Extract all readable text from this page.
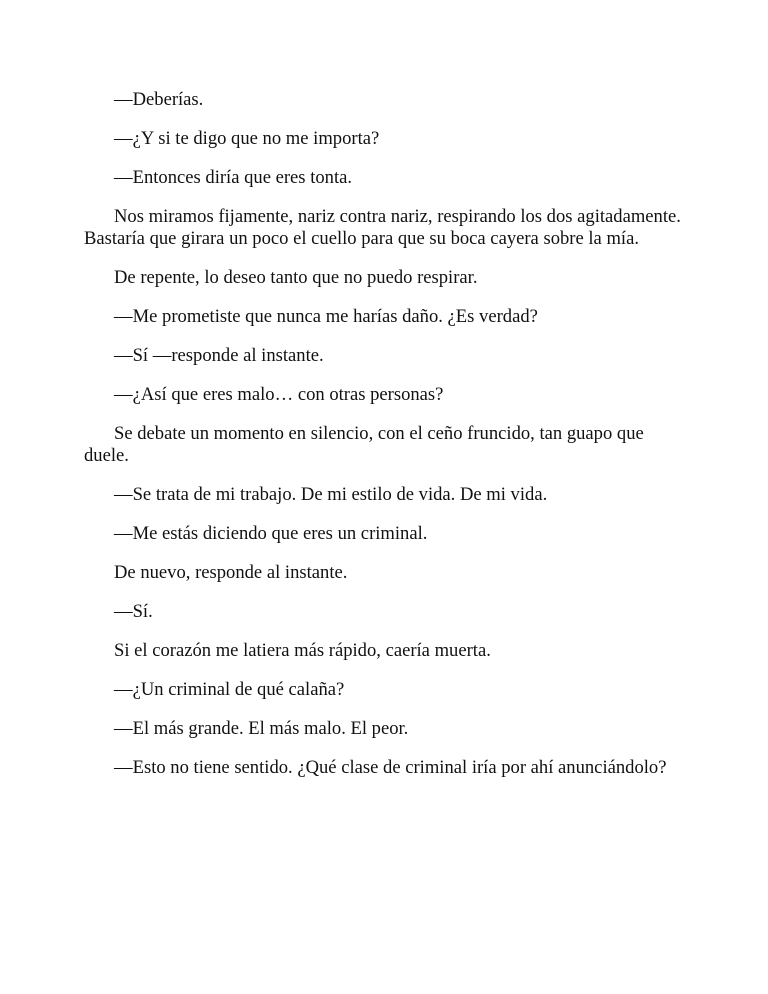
—Deberías.

—¿Y si te digo que no me importa?

—Entonces diría que eres tonta.

Nos miramos fijamente, nariz contra nariz, respirando los dos agitadamente. Bastaría que girara un poco el cuello para que su boca cayera sobre la mía.

De repente, lo deseo tanto que no puedo respirar.

—Me prometiste que nunca me harías daño. ¿Es verdad?

—Sí —responde al instante.

—¿Así que eres malo… con otras personas?

Se debate un momento en silencio, con el ceño fruncido, tan guapo que duele.

—Se trata de mi trabajo. De mi estilo de vida. De mi vida.

—Me estás diciendo que eres un criminal.

De nuevo, responde al instante.

—Sí.

Si el corazón me latiera más rápido, caería muerta.

—¿Un criminal de qué calaña?

—El más grande. El más malo. El peor.

—Esto no tiene sentido. ¿Qué clase de criminal iría por ahí anunciándolo?
